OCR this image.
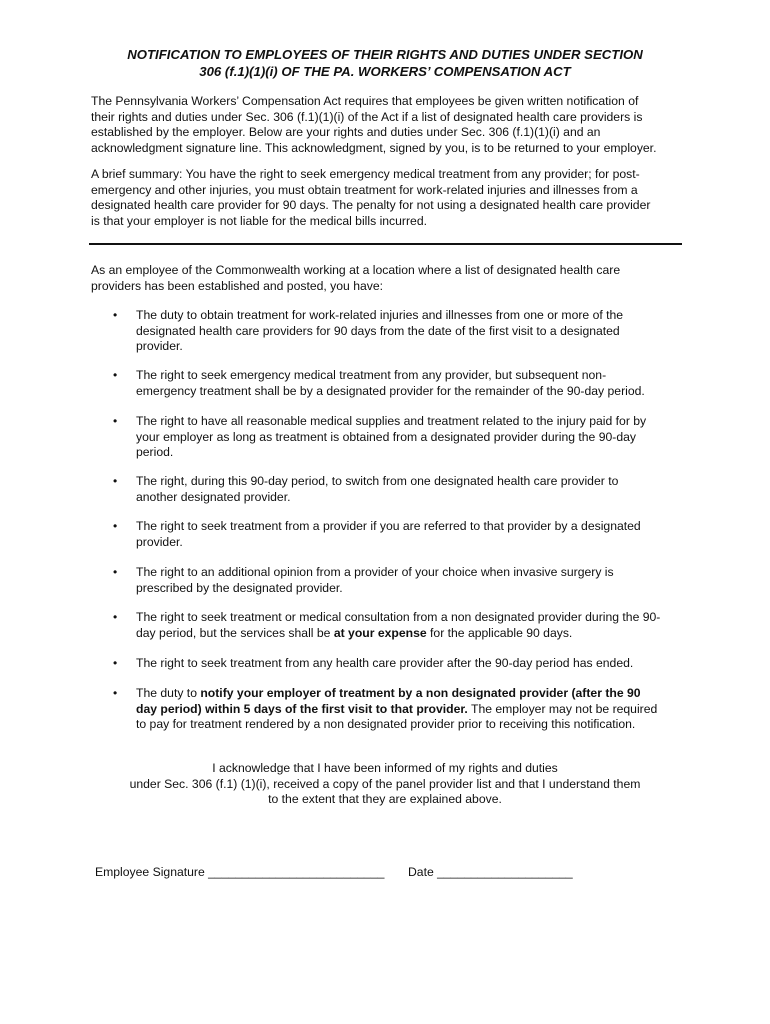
NOTIFICATION TO EMPLOYEES OF THEIR RIGHTS AND DUTIES UNDER SECTION
306 (f.1)(1)(i) OF THE PA. WORKERS’ COMPENSATION ACT
The Pennsylvania Workers’ Compensation Act requires that employees be given written notification of
their rights and duties under Sec. 306 (f.1)(1)(i) of the Act if a list of designated health care providers is
established by the employer. Below are your rights and duties under Sec. 306 (f.1)(1)(i) and an
acknowledgment signature line. This acknowledgment, signed by you, is to be returned to your employer.
A brief summary: You have the right to seek emergency medical treatment from any provider; for post-
emergency and other injuries, you must obtain treatment for work-related injuries and illnesses from a
designated health care provider for 90 days. The penalty for not using a designated health care provider
is that your employer is not liable for the medical bills incurred.
As an employee of the Commonwealth working at a location where a list of designated health care
providers has been established and posted, you have:
• The duty to obtain treatment for work-related injuries and illnesses from one or more of the
designated health care providers for 90 days from the date of the first visit to a designated
provider.
• The right to seek emergency medical treatment from any provider, but subsequent non-
emergency treatment shall be by a designated provider for the remainder of the 90-day period.
• The right to have all reasonable medical supplies and treatment related to the injury paid for by
your employer as long as treatment is obtained from a designated provider during the 90-day
period.
• The right, during this 90-day period, to switch from one designated health care provider to
another designated provider.
• The right to seek treatment from a provider if you are referred to that provider by a designated
provider.
• The right to an additional opinion from a provider of your choice when invasive surgery is
prescribed by the designated provider.
• The right to seek treatment or medical consultation from a non designated provider during the 90-
day period, but the services shall be at your expense for the applicable 90 days.
• The right to seek treatment from any health care provider after the 90-day period has ended.
• The duty to notify your employer of treatment by a non designated provider (after the 90
day period) within 5 days of the first visit to that provider. The employer may not be required
to pay for treatment rendered by a non designated provider prior to receiving this notification.
I acknowledge that I have been informed of my rights and duties
under Sec. 306 (f.1) (1)(i), received a copy of the panel provider list and that I understand them
to the extent that they are explained above.
Employee Signature __________________________ Date ____________________
